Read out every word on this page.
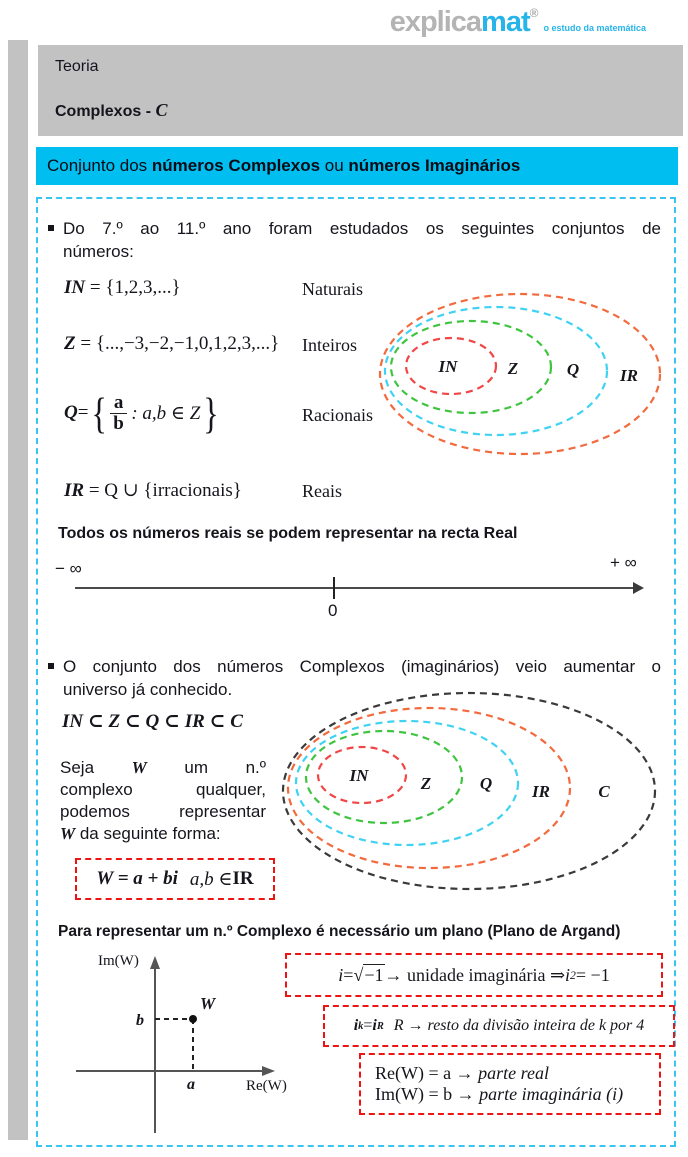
explicamat®o estudo da matemática
Teoria
Complexos - C
Conjunto dos números Complexos ou números Imaginários
Do 7.º ao 11.º ano foram estudados os seguintes conjuntos de
números:
IN = {1,2,3,...}	Naturais
Z = {...,−3,−2,−1,0,1,2,3,...} Inteiros
Q = { $\frac{a}{b}$ : a,b ∈ Z }	Racionais
IR = Q ∪ {irracionais}	Reais
IN	Z	Q IR
Todos os números reais se podem representar na recta Real
− ∞	+ ∞
0
O conjunto dos números Complexos (imaginários) veio aumentar o
universo já conhecido.
IN ⊂ Z ⊂ Q ⊂ IR ⊂ C
Seja W um n.º
complexo qualquer,
podemos representar
W da seguinte forma:
W = a + bi a,b ∈ IR
IN	Z	Q IR	C
Para representar um n.º Complexo é necessário um plano (Plano de Argand)
Im(W)
Re(W)
b
a
W
i = √ −1 → unidade imaginária ⇒ i 2 = −1
i k = i R R → resto da divisão inteira de k por 4
Re(W) = a → parte real
Im(W) = b → parte imaginária (i)
